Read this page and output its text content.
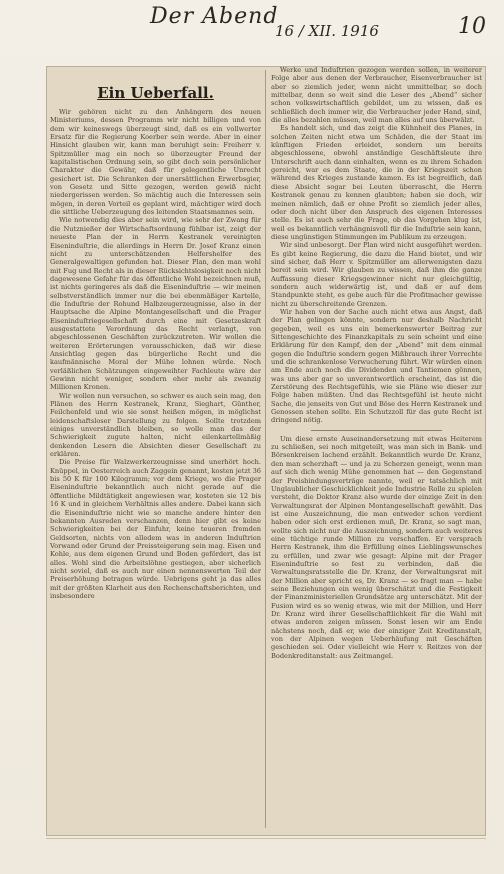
Der Abend
16 / XII. 1916	10
Ein Ueberfall.

Wir gehören nicht zu den Anhängern des neuen Ministeriums, dessen Programm wir nicht billigen und von dem wir keineswegs überzeugt sind, daß es ein vollwerter Ersatz für die Regierung Koerber sein werde. Aber in einer Hinsicht glauben wir, kann man beruhigt sein: Freiherr v. Spitzmüller mag ein noch so überzeugter Freund der kapitalistischen Ordnung sein, so gibt doch sein persönlicher Charakter die Gewähr, daß für gelegentliche Unrecht gesichert ist. Die Schranken der unersättlichen Erwerbsgier, von Gesetz und Sitte gezogen, werden gewiß nicht niedergerissen werden. So mächtig auch die Interessen sein mögen, in deren Vorteil es geplant wird, mächtiger wird doch die sittliche Ueberzeugung des leitenden Staatsmannes sein.

Wie notwendig dies aber sein wird, wie sehr der Zwang für die Nutznießer der Wirtschaftsordnung fühlbar ist, zeigt der neueste Plan der in Herrn Kestranek vereinigten Eiseninduſtrie, die allerdings in Herrn Dr. Josef Kranz einen nicht zu unterschätzenden Helfershelfer des Generalgewaltigen gefunden hat. Dieser Plan, den man wohl mit Fug und Recht als in dieser Rücksichtslosigkeit noch nicht dagewesene Gefahr für das öffentliche Wohl bezeichnen muß, ist nichts geringeres als daß die Eiseninduſtrie — wir meinen selbstverständlich immer nur die bei ebenmäßiger Kartelle, die Induſtrie der Rohund Halbzeugerzeugnisse, also in der Hauptsache die Alpine Montangesellschaft und die Prager Eiseninduſtriegesellschaft durch eine mit Gesetzeskraft ausgestattete Verordnung das Recht verlangt, von abgeschlossenen Geschäften zurückzutreten. Wir wollen die weiteren Erörterungen vorausschicken, daß wir diese Ansichtlag gegen das bürgerliche Recht und die kaufmännische Moral der Mühe lohnen würde. Noch verläßlichen Schätzungen eingeweihter Fachleute wäre der Gewinn nicht weniger, sondern eher mehr als zwanzig Millionen Kronen.

Wir wollen nun versuchen, so schwer es auch sein mag, den Plänen des Herrn Kestranek, Kranz, Sieghart, Günther, Feilchenfeld und wie sie sonst heißen mögen, in möglichst leidenschaftsloser Darstellung zu folgen. Sollte trotzdem einiges unverständlich bleiben, so wolle man das der Schwierigkeit zugute halten, nicht eilenkartellmäßig denkenden Lesern die Absichten dieser Gesellschaft zu erklären.

Die Preise für Walzwerkerzeugnisse sind unerhört hoch. Knüppel, in Oesterreich auch Zaggein genannt, kosten jetzt 36 bis 50 K für 100 Kilogramm; vor dem Kriege, wo die Prager Eiseninduſtrie bekanntlich auch nicht gerade auf die öffentliche Mildtätigkeit angewiesen war, kosteten sie 12 bis 16 K und in gleichem Verhältnis alles andere. Dabei kann sich die Eiseninduſtrie nicht wie so manche andere hinter den bekannten Ausreden verschanzen, denn hier gibt es keine Schwierigkeiten bei der Einfuhr, keine teueren fremden Geldsorten, nichts von alledem was in anderen Induſtrien Vorwand oder Grund der Preissteigerung sein mag. Eisen und Kohle, aus dem eigenen Grund und Boden gefördert, das ist alles. Wohl sind die Arbeitslöhne gestiegen, aber sicherlich nicht soviel, daß es auch nur einen nennenswerten Teil der Preiserhöhung betragen würde. Uebrigens geht ja das alles mit der größten Klarheit aus den Rechenschaftsberichten, und insbesondere

Werke und Induſtrien gezogen werden sollen, in weiterer Folge aber aus denen der Verbraucher, Eisenverbraucher ist aber so ziemlich jeder, wenn nicht unmittelbar, so doch mittelbar, denn so weit sind die Leser des „Abend“ sicher schon volkswirtschaftlich gebildet, um zu wissen, daß es schließlich doch immer wir, die Verbraucher jeder Hand, sind, die alles bezahlen müssen, weil man alles auf uns überwälzt.

Es handelt sich, und das zeigt die Kühnheit des Planes, in solchen Zeiten nicht etwa um Schäden, die der Staat im künftigen Frieden erleidet, sondern um bereits abgeschlossene, obwohl anständige Geschäftsleute ihre Unterschrift auch dann einhalten, wenn es zu ihrem Schaden gereicht, war es dem Staate, die in der Kriegszeit schon während des Krieges zustande kamen. Es ist begreiflich, daß diese Absicht sogar bei Leuten überrascht, die Herrn Kestranek genau zu kennen glaubten; haben sie doch, wir meinen nämlich, daß er ohne Profit so ziemlich jeder alles, oder doch nicht über den Anspruch des eigenen Interesses stelle. Es ist auch sehr die Frage, ob das Vorgehen klug ist, weil es bekanntlich verhängnisvoll für die Induſtrie sein kann, diese ungünstigen Stimmungen im Publikum zu erzeugen.

Wir sind unbesorgt. Der Plan wird nicht ausgeführt werden. Es gibt keine Regierung, die dazu die Hand bietet, und wir sind sicher, daß Herr v. Spitzmüller am allerwenigsten dazu bereit sein wird. Wir glauben zu wissen, daß ihm die ganze Auffassung dieser Kriegsgewinner nicht nur gleichgültig, sondern auch widerwärtig ist, und daß er auf dem Standpunkte steht, es gebe auch für die Profitmacher gewisse nicht zu überschreitende Grenzen.

Wir haben von der Sache auch nicht etwa aus Angst, daß der Plan gelingen könnte, sondern nur deshalb Nachricht gegeben, weil es uns ein bemerkenswerter Beitrag zur Sittengeschichte des Finanzkapitals zu sein scheint und eine Erklärung für den Kampf, den der „Abend“ mit dem einmal gegen die Induſtrie sondern gegen Mißbrauch ihrer Vorrechte und die schrankenlose Verwucherung führt. Wir würden einen am Ende auch noch die Dividenden und Tantiemen gönnen, was uns aber gar so unverantwortlich erscheint, das ist die Zerstörung des Rechtsgefühls, wie sie Pläne wie dieser zur Folge haben müßten. Und das Rechtsgefühl ist heute nicht Sache, die jenseits von Gut und Böse des Herrn Kestranek und Genossen stehen sollte. Ein Schutzzoll für das gute Recht ist dringend nötig.

Um diese ernste Auseinandersetzung mit etwas Heiterem zu schließen, sei noch mitgeteilt, was man sich in Bank- und Börsenkreisen lachend erzählt. Bekanntlich wurde Dr. Kranz, den man scherzhaft — und ja zu Scherzen geneigt, wenn man auf sich dich wenig Mühe genommen hat — den Gegenstand der Preisbindungsverträge nannte, weil er tatsächlich mit Unglaublicher Geschicklichkeit jede Industrie Rolle zu spielen versteht, die Doktor Kranz also wurde der einzige Zeit in den Verwaltungsrat der Alpinen Montangesellschaft gewählt. Das ist eine Auszeichnung, die man entweder schon verdient haben oder sich erst erdienen muß, Dr. Kranz, so sagt man, wollte sich nicht nur die Auszeichnung, sondern auch weiteres eine tüchtige runde Million zu verschaffen. Er versprach Herrn Kestranek, ihm die Erfüllung eines Lieblingswunsches zu erfüllen, und zwar wie gesagt: Alpine mit der Prager Eiseninduſtrie so fest zu verbinden, daß die Verwaltungsratsstelle die Dr. Kranz, der Verwaltungsrat mit der Million aber spricht es, Dr. Kranz — so fragt man — habe seine Beziehungen ein wenig überschätzt und die Festigkeit der Finanzministeriellen Grundsätze arg unterschätzt. Mit der Fusion wird es so wenig etwas, wie mit der Million, und Herr Dr. Kranz wird ihrer Gesellschaftlichkeit für die Wahl mit etwas anderen zeigen müssen. Sonst lesen wir am Ende nächstens noch, daß er, wie der einziger Zeit Kreditanstalt, von der Alpinen wegen Ueberhäufung mit Geschäften geschieden sei. Oder vielleicht wie Herr v. Reitzes von der Bodenkreditanstalt: aus Zeitmangel.
